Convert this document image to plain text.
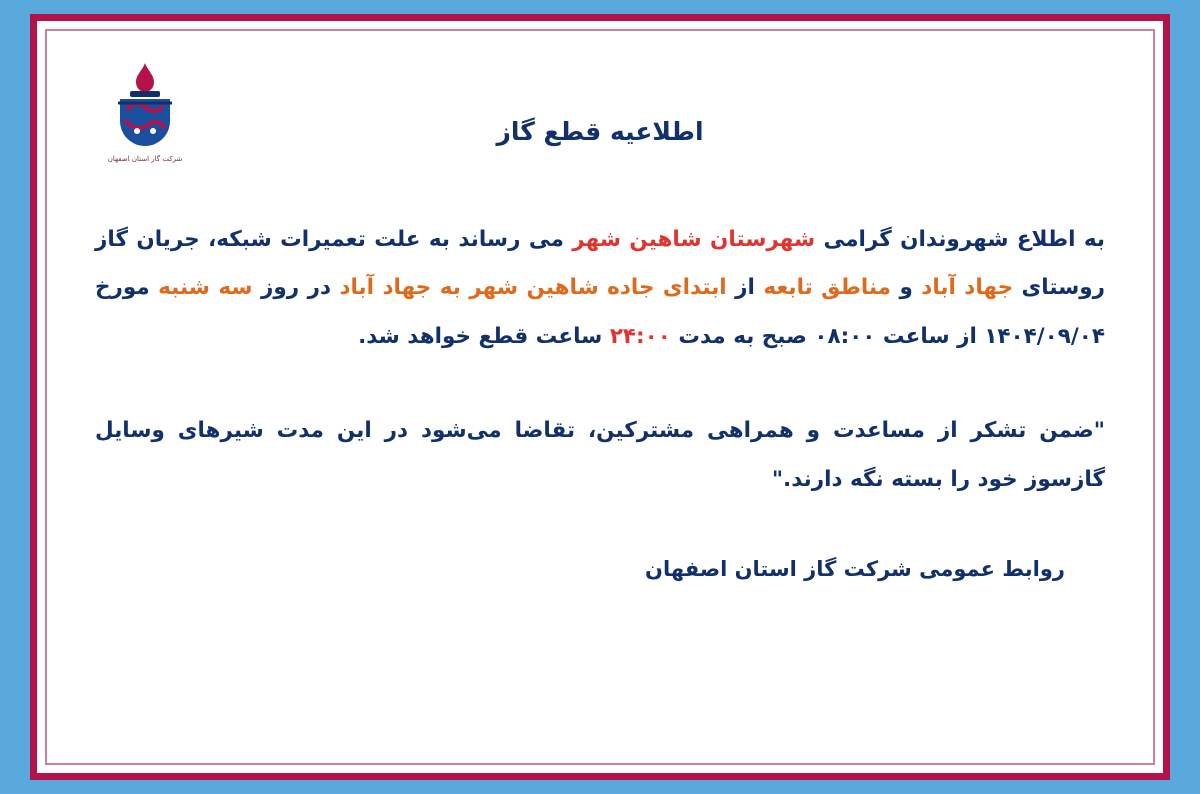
شرکت گاز استان اصفهان
اطلاعیه قطع گاز
به اطلاع شهروندان گرامی شهرستان شاهین شهر می رساند به علت تعمیرات شبکه، جریان گاز روستای جهاد آباد و مناطق تابعه از ابتدای جاده شاهین شهر به جهاد آباد در روز سه شنبه مورخ ۱۴۰۴/۰۹/۰۴ از ساعت ۰۸:۰۰ صبح به مدت ۲۴:۰۰ ساعت قطع خواهد شد.
"ضمن تشکر از مساعدت و همراهی مشترکین، تقاضا می‌شود در این مدت شیرهای وسایل گازسوز خود را بسته نگه دارند."
روابط عمومی شرکت گاز استان اصفهان
